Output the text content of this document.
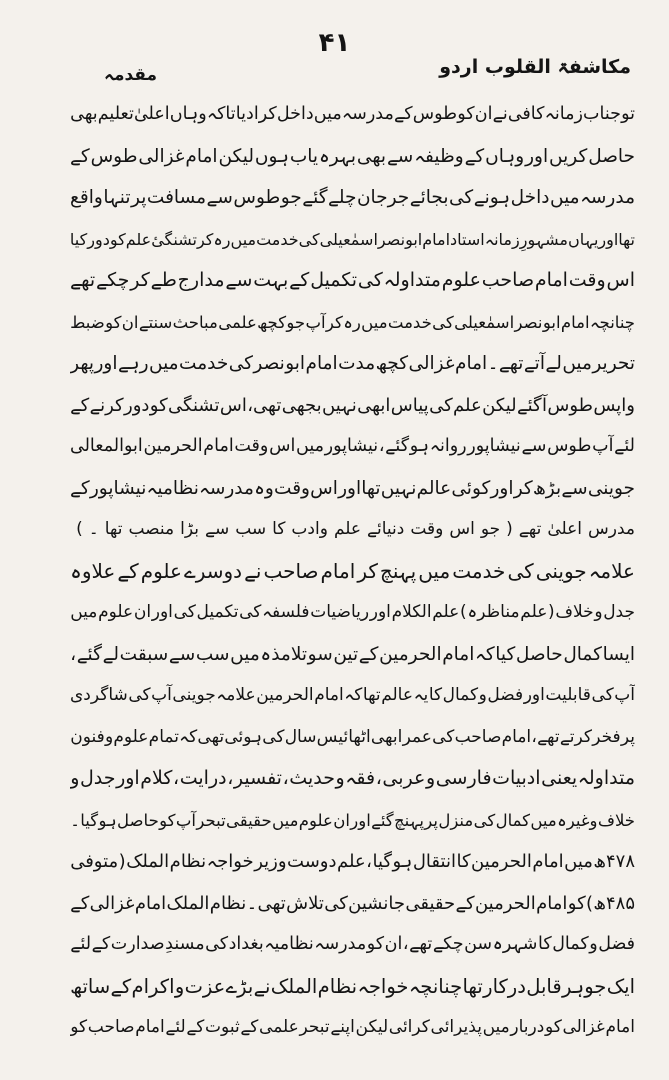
۴۱
مکاشفۃ القلوب اردو
مقدمہ
تو
جناب
زمانہ
کافی
نے
ان
کو
طوس
کے
مدرسہ
میں
داخل
کرا
دیا
تاکہ
وہاں
اعلیٰ
تعلیم
بھی
حاصل
کریں
اور
وہاں
کے
وظیفہ
سے
بھی
بہرہ
یاب
ہوں
لیکن
امام
غزالی
طوس
کے
مدرسہ
میں
داخل
ہونے
کی
بجائے
جرجان
چلے
گئے
جو
طوس
سے
مسافت
پر
تنہا
واقع
تھا
اور
یہاں
مشہورِ
زمانہ
استاد
امام
ابو
نصر
اسمٰعیلی
کی
خدمت
میں
رہ
کر
تشنگیٔ
علم
کو
دور
کیا
اس
وقت
امام
صاحب
علوم
متداولہ
کی
تکمیل
کے
بہت
سے
مدارج
طے
کر
چکے
تھے
چنانچہ
امام
ابو
نصر
اسمٰعیلی
کی
خدمت
میں
رہ
کر
آپ
جو
کچھ
علمی
مباحث
سنتے
ان
کو
ضبط
تحریر
میں
لے
آتے
تھے
۔
امام
غزالی
کچھ
مدت
امام
ابو
نصر
کی
خدمت
میں
رہے
اور
پھر
واپس
طوس
آ
گئے
لیکن
علم
کی
پیاس
ابھی
نہیں
بجھی
تھی،
اس
تشنگی
کو
دور
کرنے
کے
لئے
آپ
طوس
سے
نیشاپور
روانہ
ہو
گئے
،
نیشاپور
میں
اس
وقت
امام
الحرمین
ابوالمعالی
جوینی
سے
بڑھ
کر
اور
کوئی
عالم
نہیں
تھا
اور
اس
وقت
وہ
مدرسہ
نظامیہ
نیشاپور
کے
مدرس
اعلیٰ
تھے
(
جو
اس
وقت
دنیائے
علم
وادب
کا
سب
سے
بڑا
منصب
تھا
۔
)
علامہ
جوینی
کی
خدمت
میں
پہنچ
کر
امام
صاحب
نے
دوسرے
علوم
کے
علاوہ
جدل
و
خلاف
(
علم
مناظرہ
)
علم
الکلام
اور
ریاضیات
فلسفہ
کی
تکمیل
کی
اور
ان
علوم
میں
ایسا
کمال
حاصل
کیا
کہ
امام
الحرمین
کے
تین
سو
تلامذہ
میں
سب
سے
سبقت
لے
گئے
،
آپ
کی
قابلیت
اور
فضل
و
کمال
کا
یہ
عالم
تھا
کہ
امام
الحرمین
علامہ
جوینی
آپ
کی
شاگردی
پر
فخر
کرتے
تھے
،
امام
صاحب
کی
عمر
ابھی
اٹھائیس
سال
کی
ہوئی
تھی
کہ
تمام
علوم
و
فنون
متداولہ
یعنی
ادبیات
فارسی
و
عربی
،
فقہ
و
حدیث
،
تفسیر
،
درایت
،
کلام
اور
جدل
و
خلاف
وغیرہ
میں
کمال
کی
منزل
پر
پہنچ
گئے
اور
ان
علوم
میں
حقیقی
تبحر
آپ
کو
حاصل
ہو
گیا
۔
۴۷۸ھ
میں
امام
الحرمین
کا
انتقال
ہو
گیا
،
علم
دوست
وزیر
خواجہ
نظام
الملک
(
متوفی
۴۸۵ھ
)
کو
امام
الحرمین
کے
حقیقی
جانشین
کی
تلاش
تھی
۔
نظام
الملک
امام
غزالی
کے
فضل
و
کمال
کا
شہرہ
سن
چکے
تھے
،
ان
کو
مدرسہ
نظامیہ
بغداد
کی
مسندِ
صدارت
کے
لئے
ایک
جوہر
قابل
درکار
تھا
چنانچہ
خواجہ
نظام
الملک
نے
بڑے
عزت
و
اکرام
کے
ساتھ
امام
غزالی
کو
دربار
میں
پذیرائی
کرائی
لیکن
اپنے
تبحر
علمی
کے
ثبوت
کے
لئے
امام
صاحب
کو
